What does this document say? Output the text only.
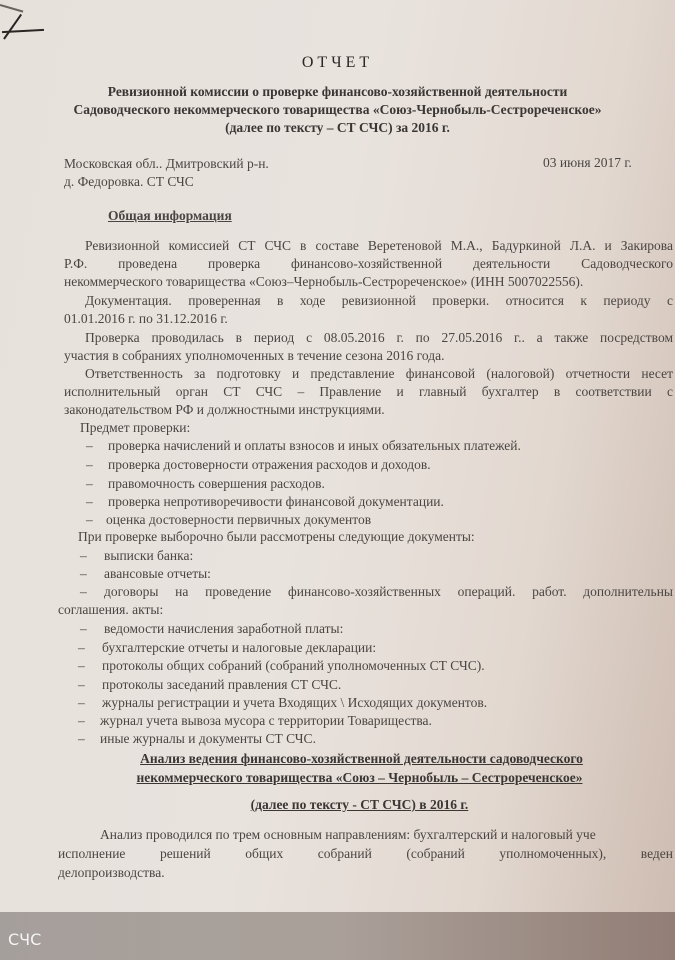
ОТЧЕТ
Ревизионной комиссии о проверке финансово-хозяйственной деятельности
Садоводческого некоммерческого товарищества «Союз-Чернобыль-Сестрореченское»
(далее по тексту – СТ СЧС) за 2016 г.
Московская обл.. Дмитровский р-н.
д. Федоровка. СТ СЧС
03 июня 2017 г.
Общая информация
Ревизионной комиссией СТ СЧС в составе Веретеновой М.А., Бадуркиной Л.А. и Закирова
Р.Ф. проведена проверка финансово-хозяйственной деятельности Садоводческого
некоммерческого товарищества «Союз–Чернобыль-Сестрореченское» (ИНН 5007022556).
Документация. проверенная в ходе ревизионной проверки. относится к периоду с
01.01.2016 г. по 31.12.2016 г.
Проверка проводилась в период с 08.05.2016 г. по 27.05.2016 г.. а также посредством
участия в собраниях уполномоченных в течение сезона 2016 года.
Ответственность за подготовку и представление финансовой (налоговой) отчетности несет
исполнительный орган СТ СЧС – Правление и главный бухгалтер в соответствии с
законодательством РФ и должностными инструкциями.
Предмет проверки:
– проверка начислений и оплаты взносов и иных обязательных платежей.
– проверка достоверности отражения расходов и доходов.
– правомочность совершения расходов.
– проверка непротиворечивости финансовой документации.
– оценка достоверности первичных документов
При проверке выборочно были рассмотрены следующие документы:
– выписки банка:
– авансовые отчеты:
– договоры на проведение финансово-хозяйственных операций. работ. дополнительны
соглашения. акты:
– ведомости начисления заработной платы:
– бухгалтерские отчеты и налоговые декларации:
– протоколы общих собраний (собраний уполномоченных СТ СЧС).
– протоколы заседаний правления СТ СЧС.
– журналы регистрации и учета Входящих \ Исходящих документов.
– журнал учета вывоза мусора с территории Товарищества.
– иные журналы и документы СТ СЧС.
Анализ ведения финансово-хозяйственной деятельности садоводческого
некоммерческого товарищества «Союз – Чернобыль – Сестрореченское»
(далее по тексту - СТ СЧС) в 2016 г.
Анализ проводился по трем основным направлениям: бухгалтерский и налоговый уче
исполнение решений общих собраний (собраний уполномоченных), веден
делопроизводства.
СЧС
